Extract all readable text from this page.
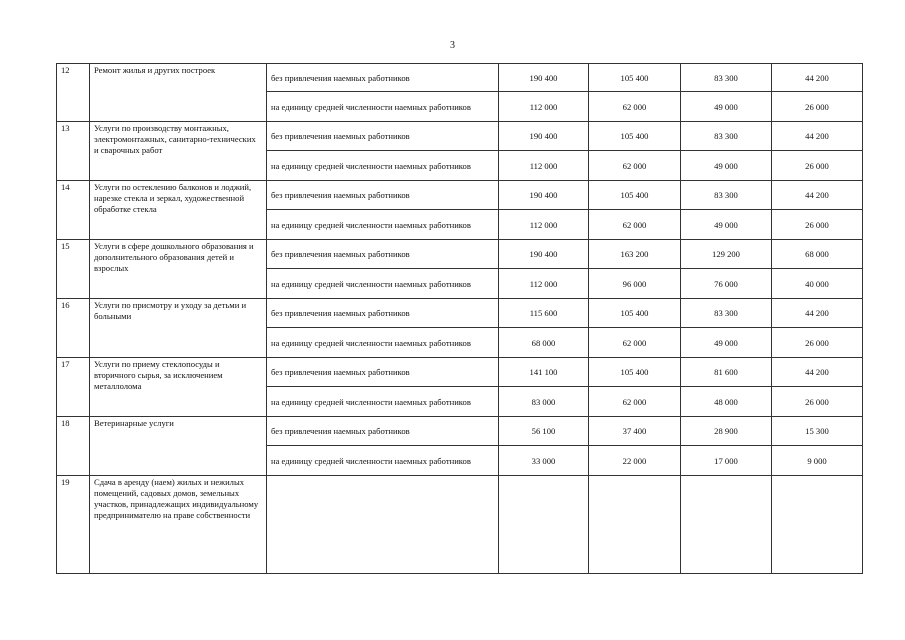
3
12	Ремонт жилья и других построек	без привлечения наемных работников	190 400	105 400	83 300	44 200
		на единицу средней численности наемных работников	112 000	62 000	49 000	26 000
13	Услуги по производству монтажных, электромонтажных, санитарно-технических и сварочных работ	без привлечения наемных работников	190 400	105 400	83 300	44 200
		на единицу средней численности наемных работников	112 000	62 000	49 000	26 000
14	Услуги по остеклению балконов и лоджий, нарезке стекла и зеркал, художественной обработке стекла	без привлечения наемных работников	190 400	105 400	83 300	44 200
		на единицу средней численности наемных работников	112 000	62 000	49 000	26 000
15	Услуги в сфере дошкольного образования и дополнительного образования детей и взрослых	без привлечения наемных работников	190 400	163 200	129 200	68 000
		на единицу средней численности наемных работников	112 000	96 000	76 000	40 000
16	Услуги по присмотру и уходу за детьми и больными	без привлечения наемных работников	115 600	105 400	83 300	44 200
		на единицу средней численности наемных работников	68 000	62 000	49 000	26 000
17	Услуги по приему стеклопосуды и вторичного сырья, за исключением металлолома	без привлечения наемных работников	141 100	105 400	81 600	44 200
		на единицу средней численности наемных работников	83 000	62 000	48 000	26 000
18	Ветеринарные услуги	без привлечения наемных работников	56 100	37 400	28 900	15 300
		на единицу средней численности наемных работников	33 000	22 000	17 000	9 000
19	Сдача в аренду (наем) жилых и нежилых помещений, садовых домов, земельных участков, принадлежащих индивидуальному предпринимателю на праве собственности					
